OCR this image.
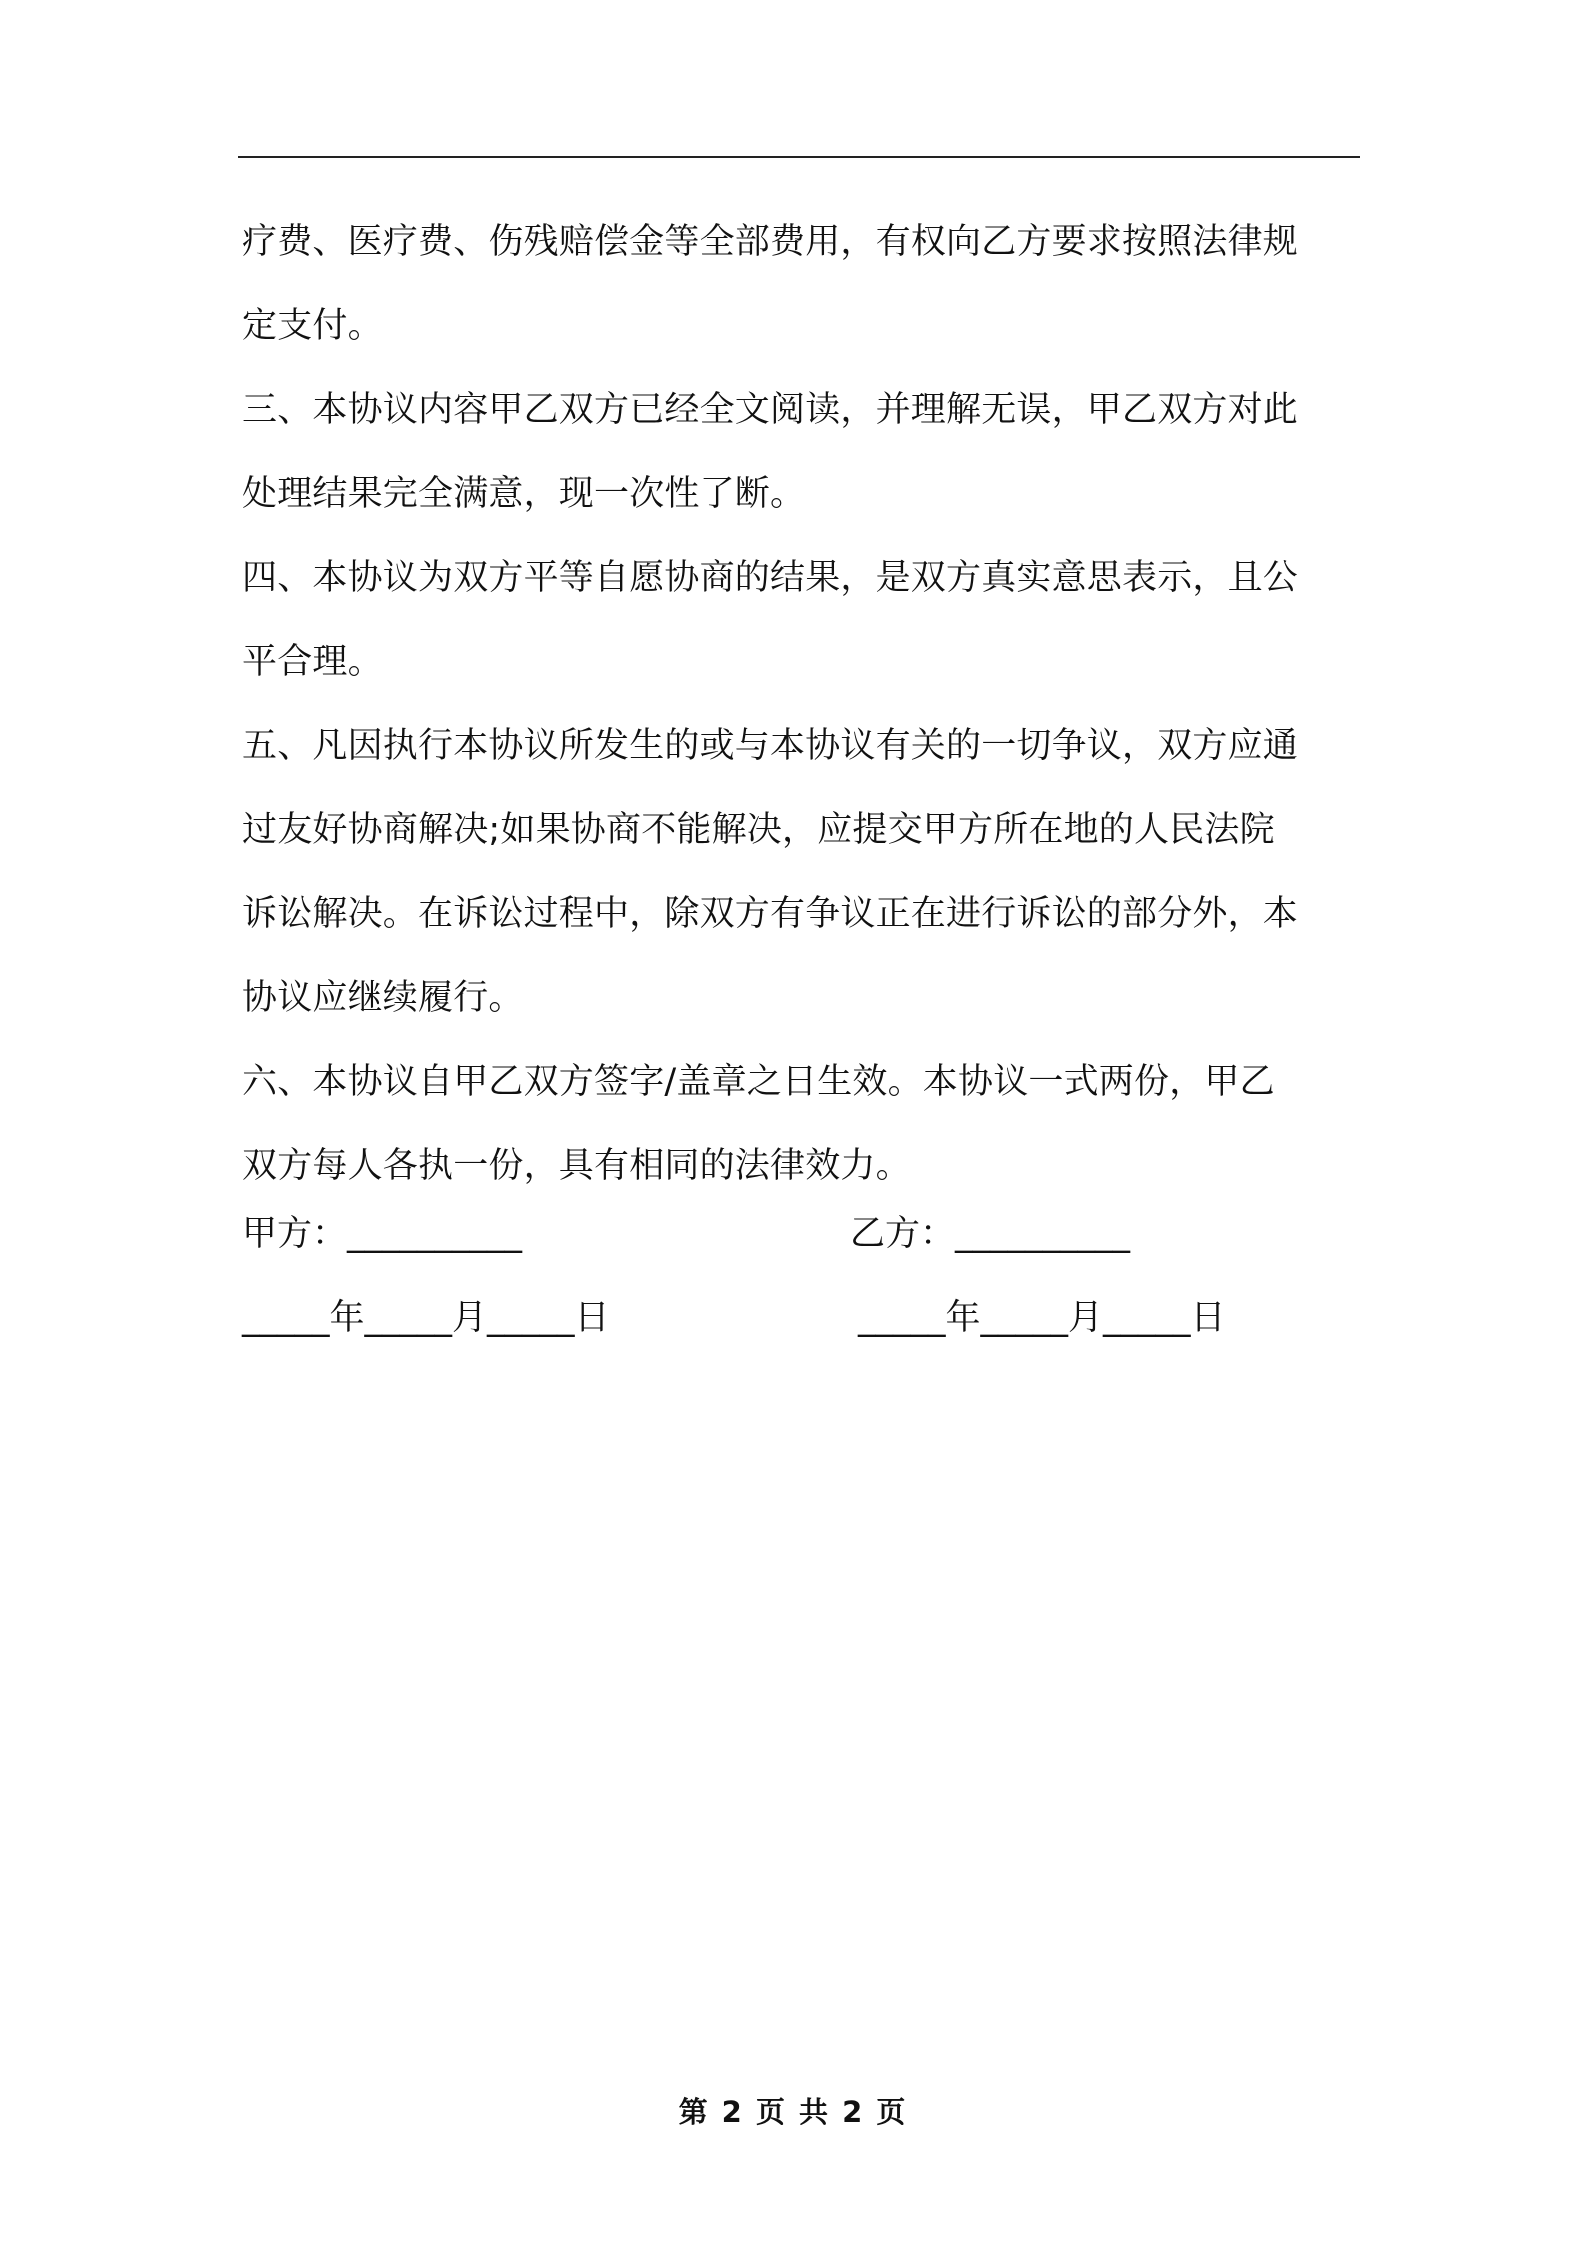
疗费、医疗费、伤残赔偿金等全部费用，有权向乙方要求按照法律规
定支付。
三、本协议内容甲乙双方已经全文阅读，并理解无误，甲乙双方对此
处理结果完全满意，现一次性了断。
四、本协议为双方平等自愿协商的结果，是双方真实意思表示，且公
平合理。
五、凡因执行本协议所发生的或与本协议有关的一切争议，双方应通
过友好协商解决;如果协商不能解决，应提交甲方所在地的人民法院
诉讼解决。在诉讼过程中，除双方有争议正在进行诉讼的部分外，本
协议应继续履行。
六、本协议自甲乙双方签字/盖章之日生效。本协议一式两份，甲乙
双方每人各执一份，具有相同的法律效力。
甲方：__________	乙方：__________
_____年_____月_____日	_____年_____月_____日
第 2 页 共 2 页
